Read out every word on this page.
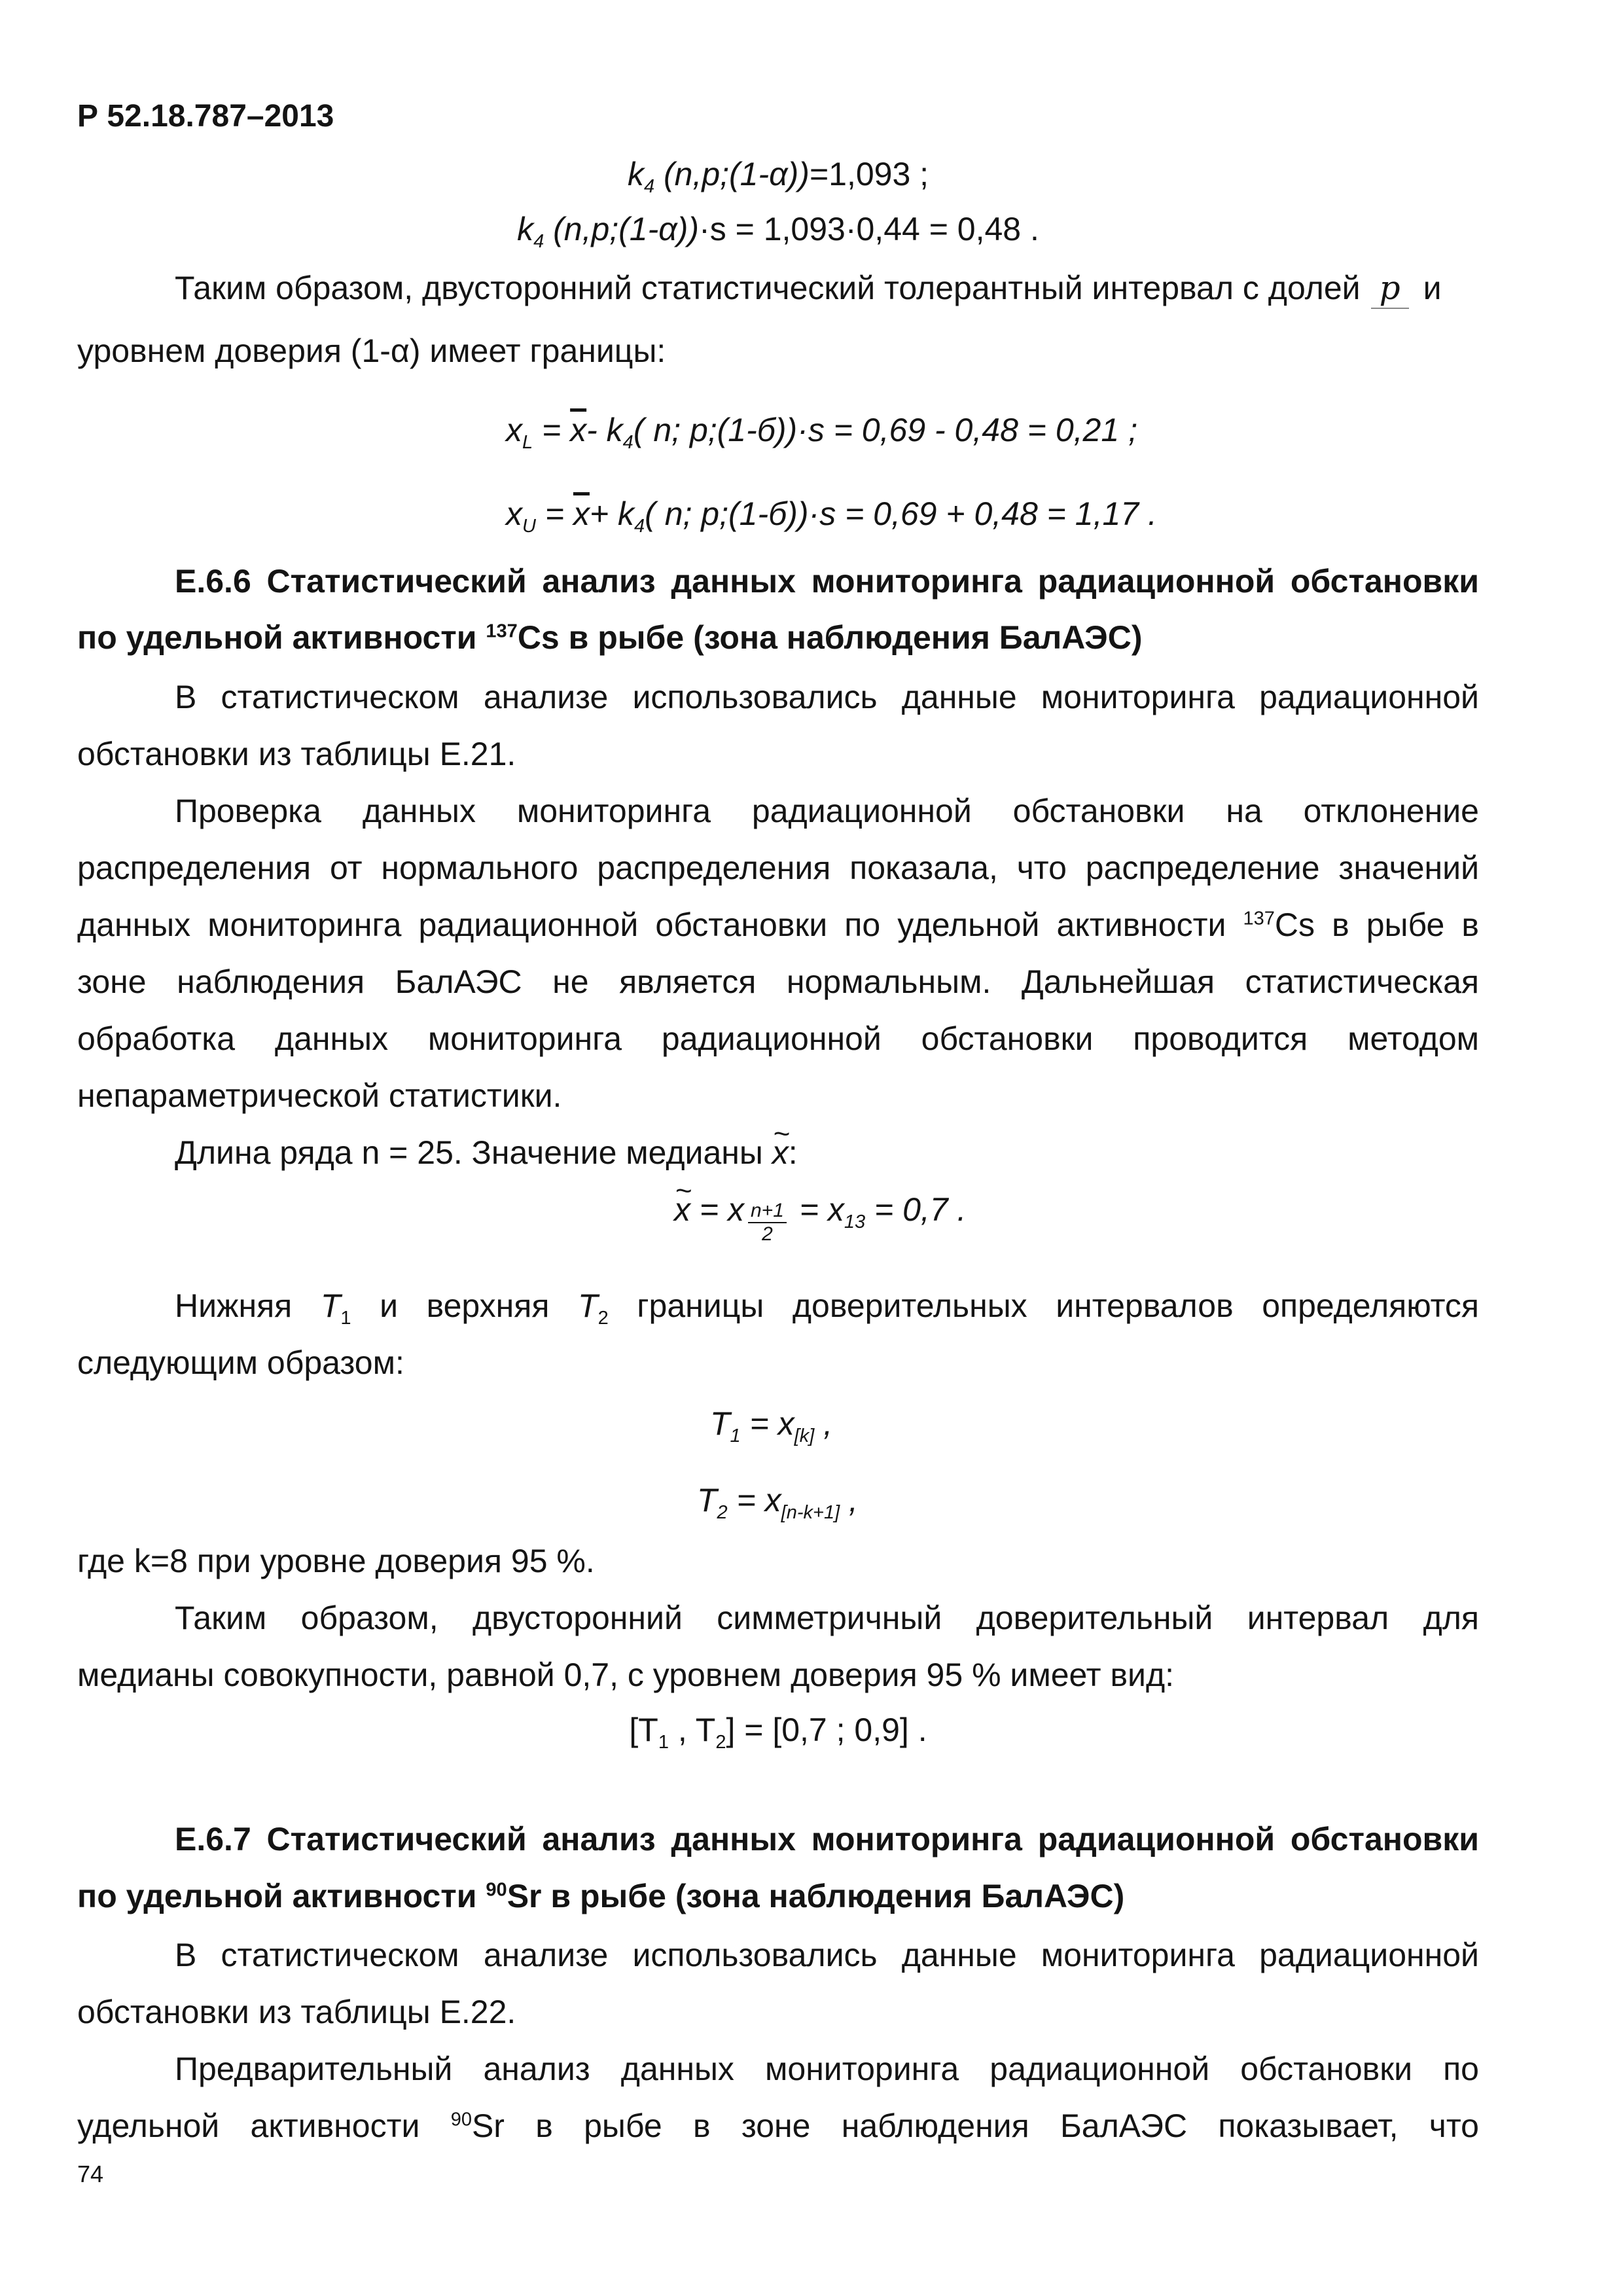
Р 52.18.787–2013
$k_4$ (n,p;(1-α))=1,093 ;
$k_4$ (n,p;(1-α))·s = 1,093·0,44 = 0,48 .
Таким образом, двусторонний статистический толерантный интервал с долей p и
уровнем доверия (1-α) имеет границы:
$x_L = \overline{x}-$ $k_4$( n; p;(1-б))·s = 0,69 - 0,48 = 0,21 ;
$x_U = \overline{x}+ k_4$( n; p;(1-б))·s = 0,69 + 0,48 = 1,17 .
Е.6.6 Статистический анализ данных мониторинга радиационной обстановки
по удельной активности $^{137}$Cs в рыбе (зона наблюдения БалАЭС)
В статистическом анализе использовались данные мониторинга радиационной
обстановки из таблицы Е.21.
Проверка данных мониторинга радиационной обстановки на отклонение
распределения от нормального распределения показала, что распределение значений
данных мониторинга радиационной обстановки по удельной активности $^{137}$Cs в рыбе в
зоне наблюдения БалАЭС не является нормальным. Дальнейшая статистическая
обработка данных мониторинга радиационной обстановки проводится методом
непараметрической статистики.
Длина ряда n = 25. Значение медианы ~ x:
~ x = x $\frac{n+1}{2} = x_{13} = 0,7$ .
Нижняя $T_1$ и верхняя $T_2$ границы доверительных интервалов определяются
следующим образом:
$T_1 = x_{[k]}$ ,
$T_2 = x_{[n-k+1]}$ ,
где k=8 при уровне доверия 95 %.
Таким образом, двусторонний симметричный доверительный интервал для
медианы совокупности, равной 0,7, с уровнем доверия 95 % имеет вид:
[$T_1$ , $T_2] = [0,7$ ; 0,9] .
Е.6.7 Статистический анализ данных мониторинга радиационной обстановки
по удельной активности $^{90}$Sr в рыбе (зона наблюдения БалАЭС)
В статистическом анализе использовались данные мониторинга радиационной
обстановки из таблицы Е.22.
Предварительный анализ данных мониторинга радиационной обстановки по
удельной активности $^{90}$Sr в рыбе в зоне наблюдения БалАЭС показывает, что
74
